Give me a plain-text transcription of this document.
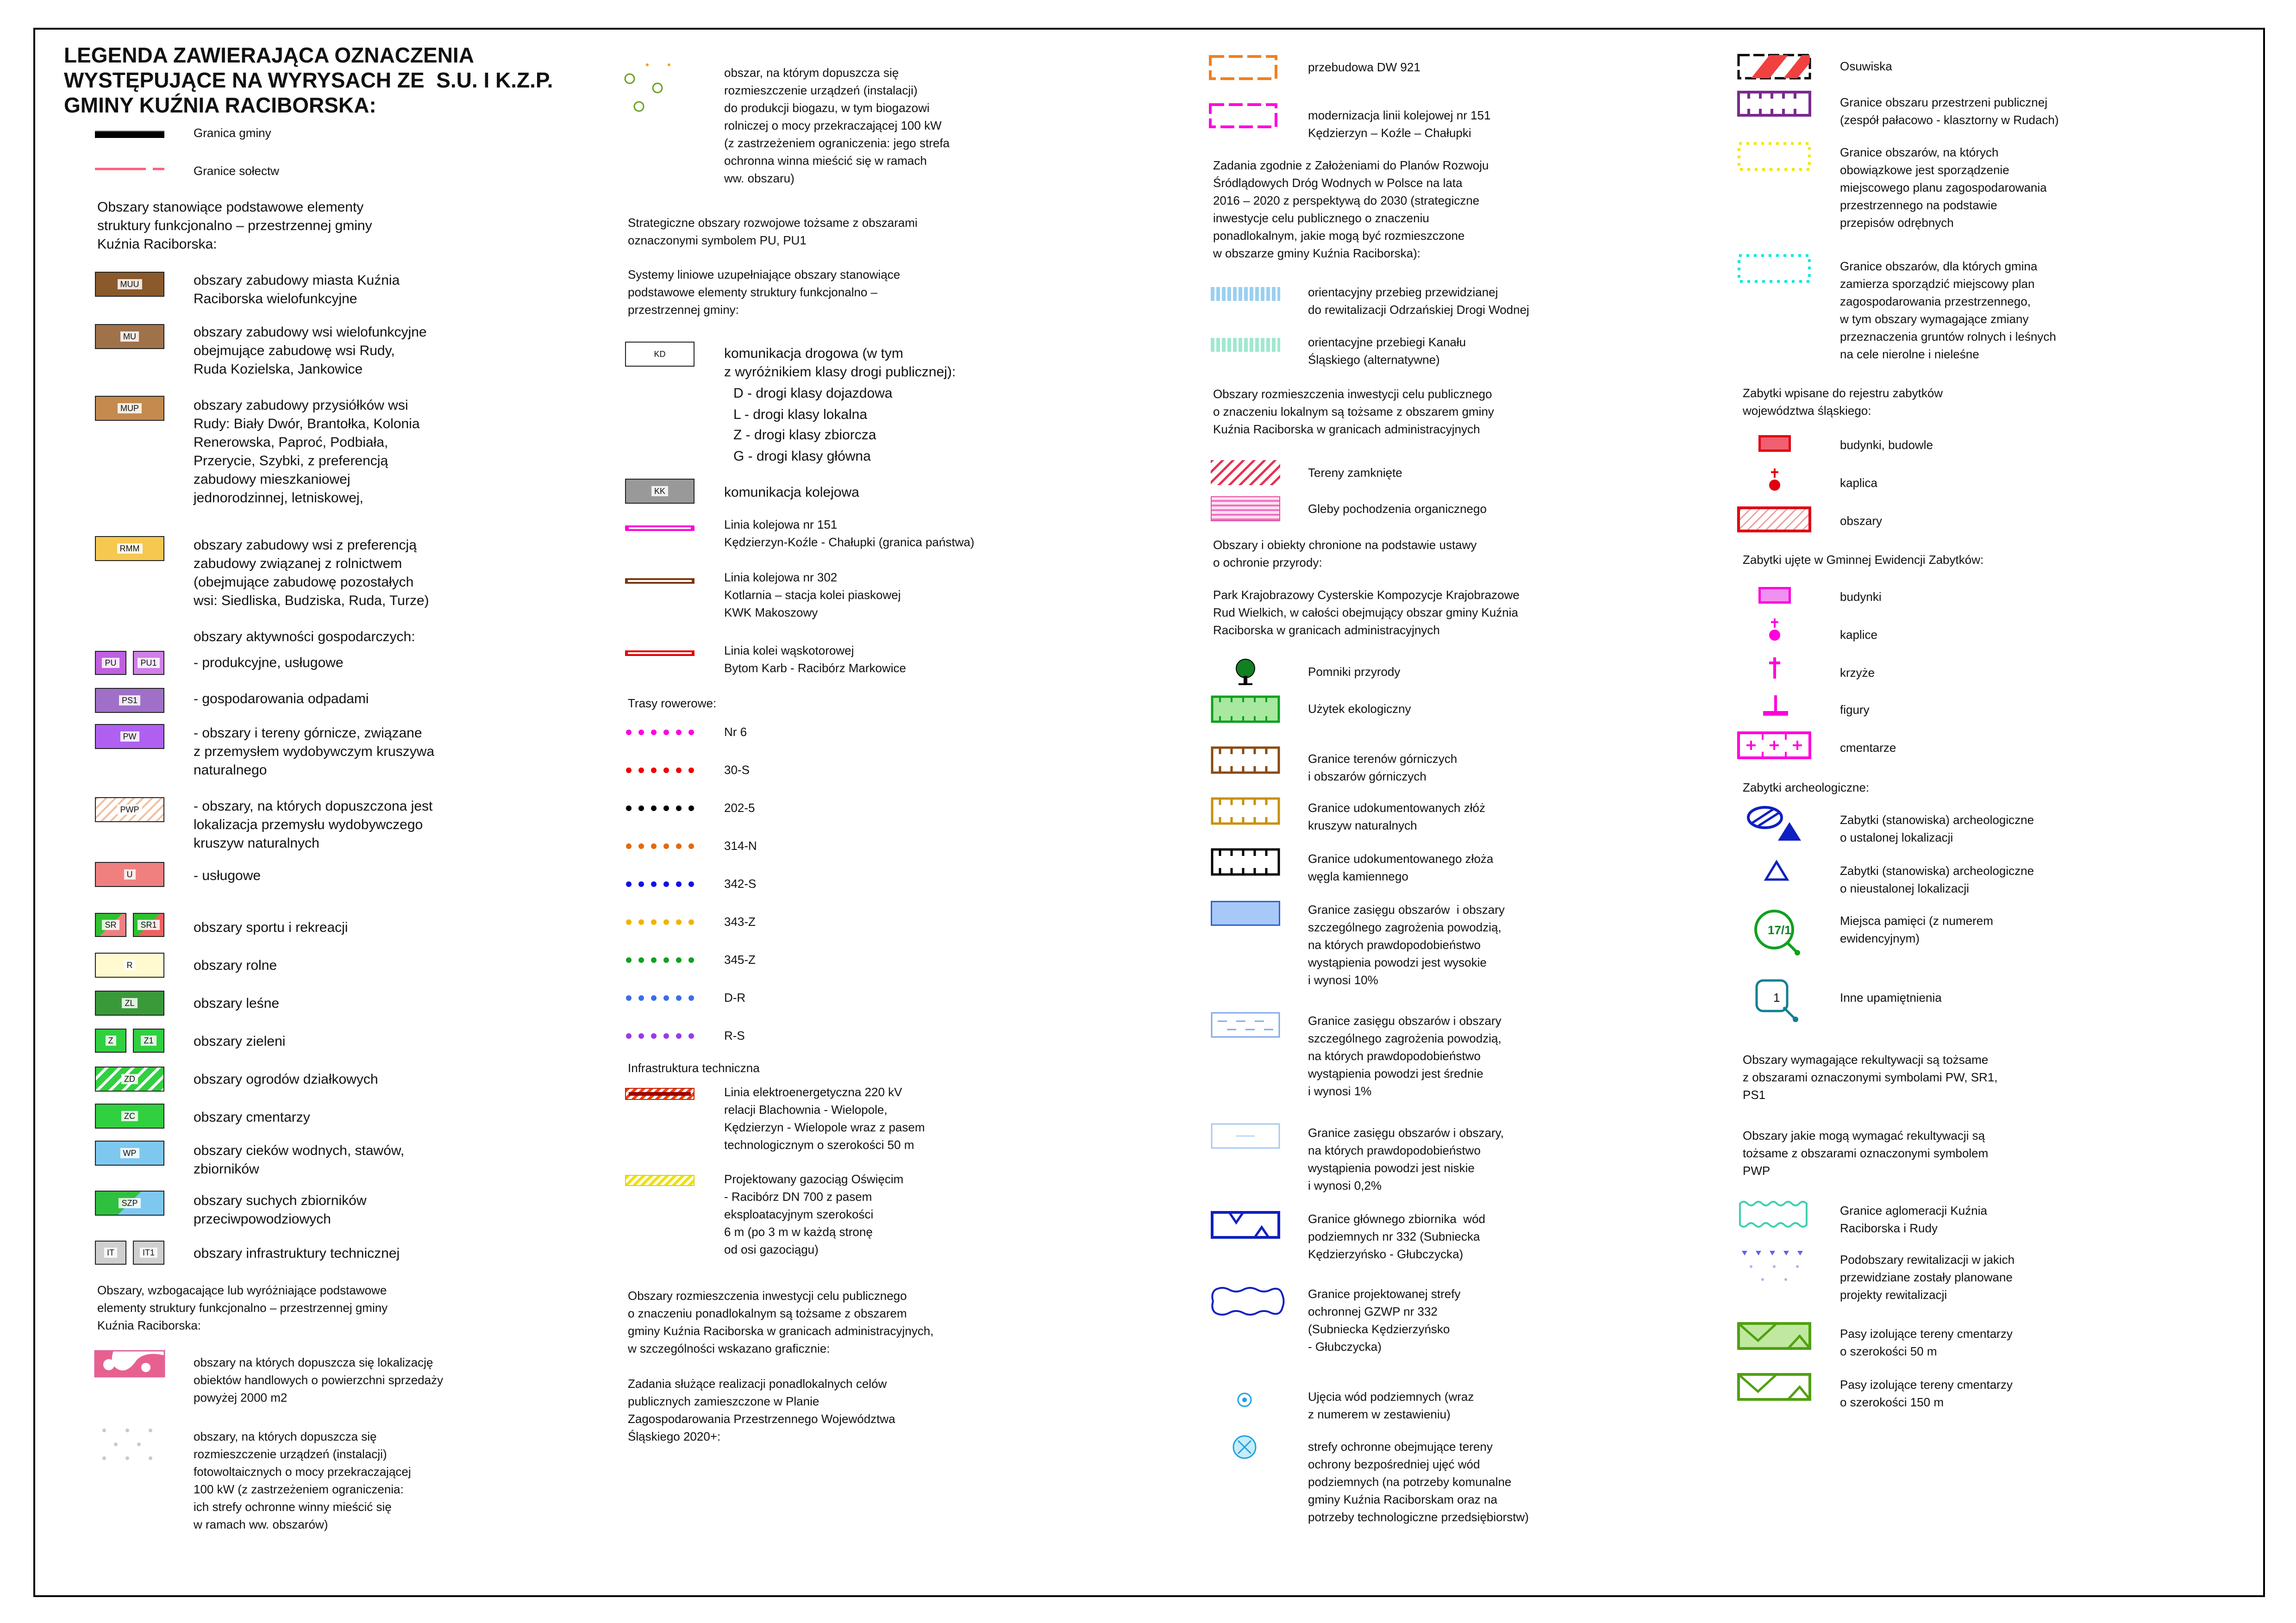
LEGENDA ZAWIERAJĄCA OZNACZENIA
WYSTĘPUJĄCE NA WYRYSACH ZE  S.U. I K.Z.P.
GMINY KUŹNIA RACIBORSKA:
Granica gminy
Granice sołectw
Obszary stanowiące podstawowe elementy
struktury funkcjonalno – przestrzennej gminy
Kuźnia Raciborska:
MUU	obszary zabudowy miasta Kuźnia
Raciborska wielofunkcyjne
MU	obszary zabudowy wsi wielofunkcyjne
obejmujące zabudowę wsi Rudy,
Ruda Kozielska, Jankowice
MUP	obszary zabudowy przysiółków wsi
Rudy: Biały Dwór, Brantołka, Kolonia
Renerowska, Paproć, Podbiała,
Przerycie, Szybki, z preferencją
zabudowy mieszkaniowej
jednorodzinnej, letniskowej,
RMM	obszary zabudowy wsi z preferencją
zabudowy związanej z rolnictwem
(obejmujące zabudowę pozostałych
wsi: Siedliska, Budziska, Ruda, Turze)
obszary aktywności gospodarczych:
PU	PU1	- produkcyjne, usługowe
PS1	- gospodarowania odpadami
PW	- obszary i tereny górnicze, związane
z przemysłem wydobywczym kruszywa
naturalnego
PWP	- obszary, na których dopuszczona jest
lokalizacja przemysłu wydobywczego
kruszyw naturalnych
U	- usługowe
SR	SR1	obszary sportu i rekreacji
R	obszary rolne
ZL	obszary leśne
Z	Z1	obszary zieleni
ZD	obszary ogrodów działkowych
ZC	obszary cmentarzy
WP	obszary cieków wodnych, stawów,
zbiorników
SZP	obszary suchych zbiorników
przeciwpowodziowych
IT	IT1	obszary infrastruktury technicznej
Obszary, wzbogacające lub wyróżniające podstawowe
elementy struktury funkcjonalno – przestrzennej gminy
Kuźnia Raciborska:
obszary na których dopuszcza się lokalizację
obiektów handlowych o powierzchni sprzedaży
powyżej 2000 m2
obszary, na których dopuszcza się
rozmieszczenie urządzeń (instalacji)
fotowoltaicznych o mocy przekraczającej
100 kW (z zastrzeżeniem ograniczenia:
ich strefy ochronne winny mieścić się
w ramach ww. obszarów)
obszar, na którym dopuszcza się
rozmieszczenie urządzeń (instalacji)
do produkcji biogazu, w tym biogazowi
rolniczej o mocy przekraczającej 100 kW
(z zastrzeżeniem ograniczenia: jego strefa
ochronna winna mieścić się w ramach
ww. obszaru)
Strategiczne obszary rozwojowe tożsame z obszarami
oznaczonymi symbolem PU, PU1
Systemy liniowe uzupełniające obszary stanowiące
podstawowe elementy struktury funkcjonalno –
przestrzennej gminy:
KD	komunikacja drogowa (w tym
z wyróżnikiem klasy drogi publicznej):
D - drogi klasy dojazdowa
L - drogi klasy lokalna
Z - drogi klasy zbiorcza
G - drogi klasy główna
KK	komunikacja kolejowa
Linia kolejowa nr 151
Kędzierzyn-Koźle - Chałupki (granica państwa)
Linia kolejowa nr 302
Kotlarnia – stacja kolei piaskowej
KWK Makoszowy
Linia kolei wąskotorowej
Bytom Karb - Racibórz Markowice
Trasy rowerowe:
Nr 6
30-S
202-5
314-N
342-S
343-Z
345-Z
D-R
R-S
Infrastruktura techniczna
Linia elektroenergetyczna 220 kV
relacji Blachownia - Wielopole,
Kędzierzyn - Wielopole wraz z pasem
technologicznym o szerokości 50 m
Projektowany gazociąg Oświęcim
- Racibórz DN 700 z pasem
eksploatacyjnym szerokości
6 m (po 3 m w każdą stronę
od osi gazociągu)
Obszary rozmieszczenia inwestycji celu publicznego
o znaczeniu ponadlokalnym są tożsame z obszarem
gminy Kuźnia Raciborska w granicach administracyjnych,
w szczególności wskazano graficznie:
Zadania służące realizacji ponadlokalnych celów
publicznych zamieszczone w Planie
Zagospodarowania Przestrzennego Województwa
Śląskiego 2020+:
przebudowa DW 921
modernizacja linii kolejowej nr 151
Kędzierzyn – Koźle – Chałupki
Zadania zgodnie z Założeniami do Planów Rozwoju
Śródlądowych Dróg Wodnych w Polsce na lata
2016 – 2020 z perspektywą do 2030 (strategiczne
inwestycje celu publicznego o znaczeniu
ponadlokalnym, jakie mogą być rozmieszczone
w obszarze gminy Kuźnia Raciborska):
orientacyjny przebieg przewidzianej
do rewitalizacji Odrzańskiej Drogi Wodnej
orientacyjne przebiegi Kanału
Śląskiego (alternatywne)
Obszary rozmieszczenia inwestycji celu publicznego
o znaczeniu lokalnym są tożsame z obszarem gminy
Kuźnia Raciborska w granicach administracyjnych
Tereny zamknięte
Gleby pochodzenia organicznego
Obszary i obiekty chronione na podstawie ustawy
o ochronie przyrody:
Park Krajobrazowy Cysterskie Kompozycje Krajobrazowe
Rud Wielkich, w całości obejmujący obszar gminy Kuźnia
Raciborska w granicach administracyjnych
Pomniki przyrody
Użytek ekologiczny
Granice terenów górniczych
i obszarów górniczych
Granice udokumentowanych złóż
kruszyw naturalnych
Granice udokumentowanego złoża
węgla kamiennego
Granice zasięgu obszarów  i obszary
szczególnego zagrożenia powodzią,
na których prawdopodobieństwo
wystąpienia powodzi jest wysokie
i wynosi 10%
Granice zasięgu obszarów i obszary
szczególnego zagrożenia powodzią,
na których prawdopodobieństwo
wystąpienia powodzi jest średnie
i wynosi 1%
Granice zasięgu obszarów i obszary,
na których prawdopodobieństwo
wystąpienia powodzi jest niskie
i wynosi 0,2%
Granice głównego zbiornika  wód
podziemnych nr 332 (Subniecka
Kędzierzyńsko - Głubczycka)
Granice projektowanej strefy
ochronnej GZWP nr 332
(Subniecka Kędzierzyńsko
- Głubczycka)
Ujęcia wód podziemnych (wraz
z numerem w zestawieniu)
strefy ochronne obejmujące tereny
ochrony bezpośredniej ujęć wód
podziemnych (na potrzeby komunalne
gminy Kuźnia Raciborskam oraz na
potrzeby technologiczne przedsiębiorstw)
Osuwiska
Granice obszaru przestrzeni publicznej
(zespół pałacowo - klasztorny w Rudach)
Granice obszarów, na których
obowiązkowe jest sporządzenie
miejscowego planu zagospodarowania
przestrzennego na podstawie
przepisów odrębnych
Granice obszarów, dla których gmina
zamierza sporządzić miejscowy plan
zagospodarowania przestrzennego,
w tym obszary wymagające zmiany
przeznaczenia gruntów rolnych i leśnych
na cele nierolne i nieleśne
Zabytki wpisane do rejestru zabytków
województwa śląskiego:
budynki, budowle
kaplica
obszary
Zabytki ujęte w Gminnej Ewidencji Zabytków:
budynki
kaplice
krzyże
figury
cmentarze
Zabytki archeologiczne:
Zabytki (stanowiska) archeologiczne
o ustalonej lokalizacji
Zabytki (stanowiska) archeologiczne
o nieustalonej lokalizacji
17/1
Miejsca pamięci (z numerem
ewidencyjnym)
1	Inne upamiętnienia
Obszary wymagające rekultywacji są tożsame
z obszarami oznaczonymi symbolami PW, SR1,
PS1
Obszary jakie mogą wymagać rekultywacji są
tożsame z obszarami oznaczonymi symbolem
PWP
Granice aglomeracji Kuźnia
Raciborska i Rudy
Podobszary rewitalizacji w jakich
przewidziane zostały planowane
projekty rewitalizacji
Pasy izolujące tereny cmentarzy
o szerokości 50 m
Pasy izolujące tereny cmentarzy
o szerokości 150 m
